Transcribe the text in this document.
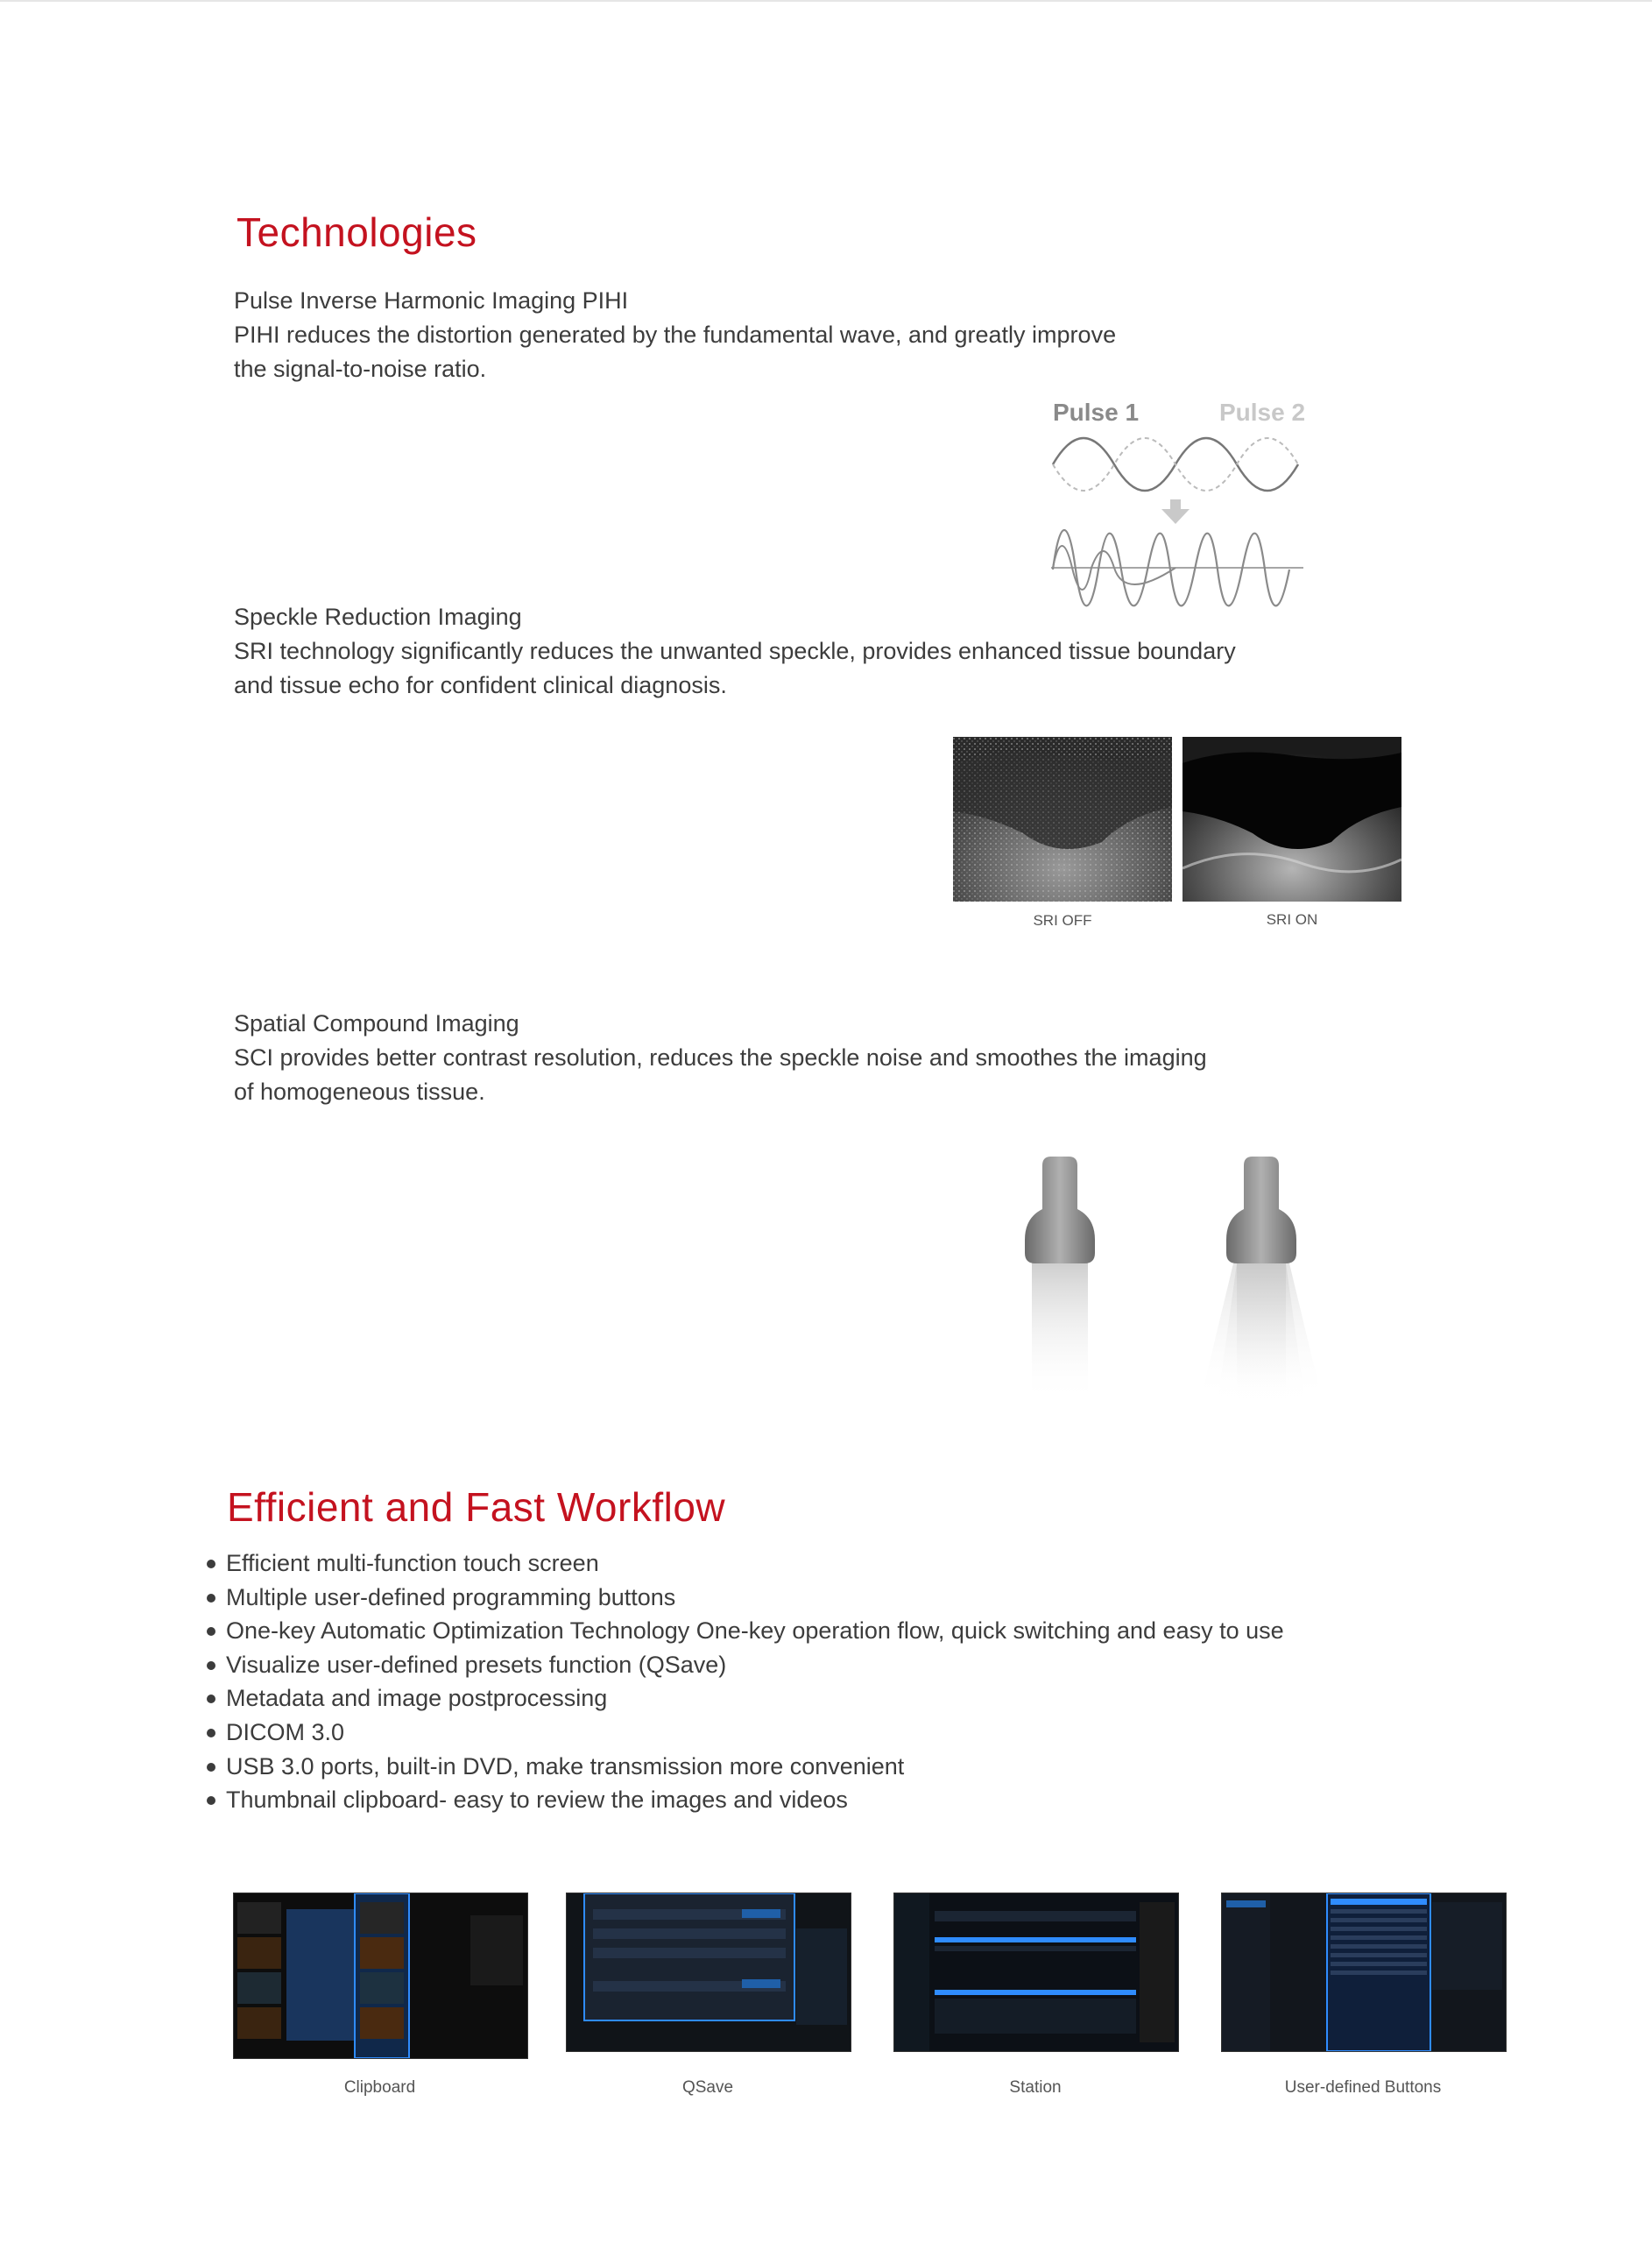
Technologies

Pulse Inverse Harmonic Imaging PIHI

PIHI reduces the distortion generated by the fundamental wave, and greatly improve

the signal-to-noise ratio.

Pulse 1	Pulse 2

Speckle Reduction Imaging

SRI technology significantly reduces the unwanted speckle, provides enhanced tissue boundary

and tissue echo for confident clinical diagnosis.

SRI OFF	SRI ON

Spatial Compound Imaging

SCI provides better contrast resolution, reduces the speckle noise and smoothes the imaging

of homogeneous tissue.

Efficient and Fast Workflow
Efficient multi-function touch screen
Multiple user-defined programming buttons
One-key Automatic Optimization Technology One-key operation flow, quick switching and easy to use
Visualize user-defined presets function (QSave)
Metadata and image postprocessing
DICOM 3.0
USB 3.0 ports, built-in DVD, make transmission more convenient
Thumbnail clipboard- easy to review the images and videos
Clipboard	QSave	Station	User-defined Buttons
